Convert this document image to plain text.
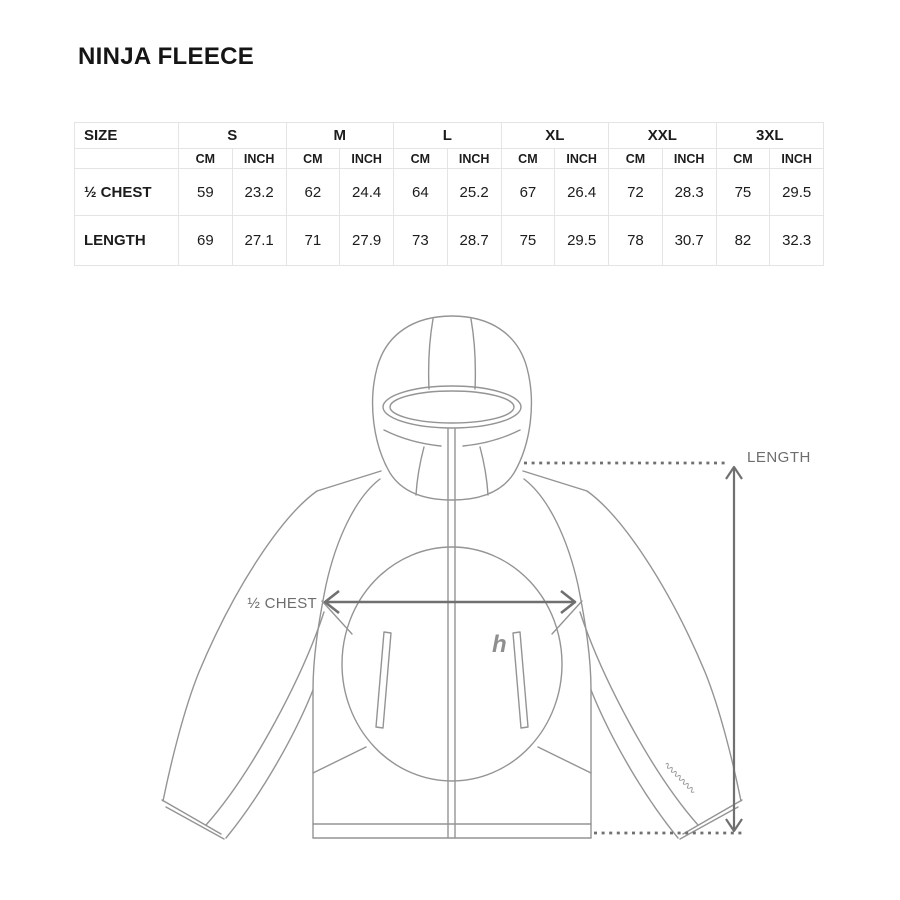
NINJA FLEECE
SIZE	S		M		L		XL		XXL		3XL	
	CM	INCH	CM	INCH	CM	INCH	CM	INCH	CM	INCH	CM	INCH
½ CHEST	59	23.2	62	24.4	64	25.2	67	26.4	72	28.3	75	29.5
LENGTH	69	27.1	71	27.9	73	28.7	75	29.5	78	30.7	82	32.3
h
LENGTH
½ CHEST
